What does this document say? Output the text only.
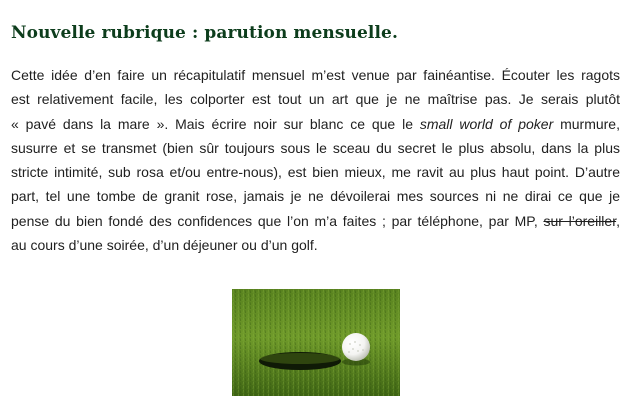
Nouvelle rubrique : parution mensuelle.

Cette idée d’en faire un récapitulatif mensuel m’est venue par fainéantise. Écouter les ragots
est relativement facile, les colporter est tout un art que je ne maîtrise pas. Je serais plutôt
« pavé dans la mare ». Mais écrire noir sur blanc ce que le small world of poker murmure,
susurre et se transmet (bien sûr toujours sous le sceau du secret le plus absolu, dans la plus
stricte intimité, sub rosa et/ou entre-nous), est bien mieux, me ravit au plus haut point. D’autre
part, tel une tombe de granit rose, jamais je ne dévoilerai mes sources ni ne dirai ce que je
pense du bien fondé des confidences que l’on m’a faites ; par téléphone, par MP, sur l’oreiller,
au cours d’une soirée, d’un déjeuner ou d’un golf.
